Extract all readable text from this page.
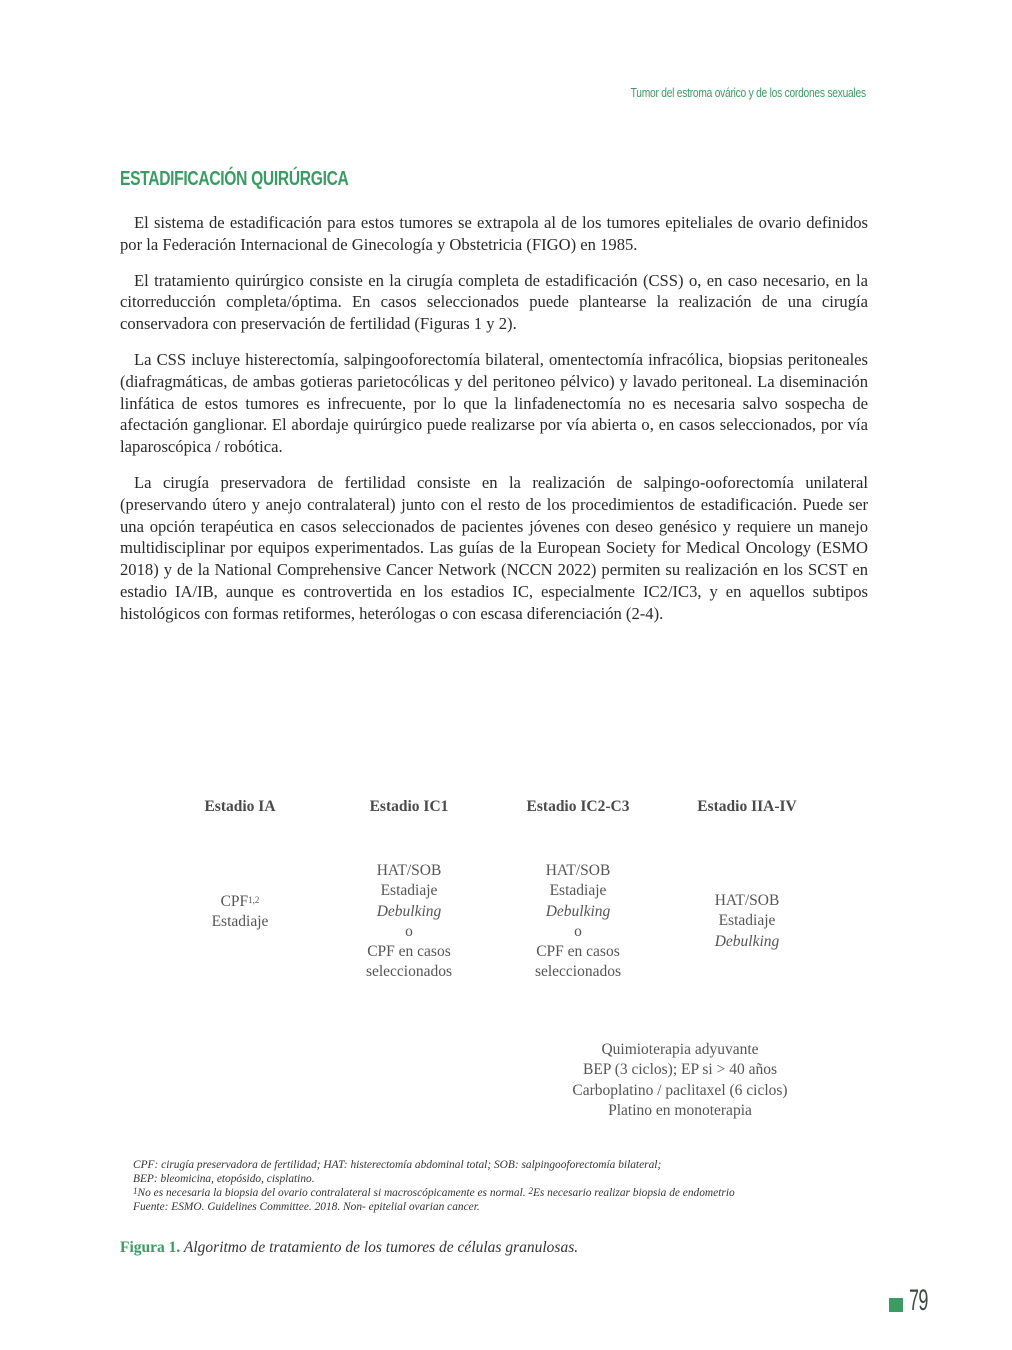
Tumor del estroma ovárico y de los cordones sexuales
ESTADIFICACIÓN QUIRÚRGICA

El sistema de estadificación para estos tumores se extrapola al de los tumores epiteliales de ovario definidos por la Federación Internacional de Ginecología y Obstetricia (FIGO) en 1985.

El tratamiento quirúrgico consiste en la cirugía completa de estadificación (CSS) o, en caso necesario, en la citorreducción completa/óptima. En casos seleccionados puede plantearse la realización de una cirugía conservadora con preservación de fertilidad (Figuras 1 y 2).

La CSS incluye histerectomía, salpingooforectomía bilateral, omentectomía infracólica, biopsias peritoneales (diafragmáticas, de ambas gotieras parietocólicas y del peritoneo pélvico) y lavado peritoneal. La diseminación linfática de estos tumores es infrecuente, por lo que la linfadenectomía no es necesaria salvo sospecha de afectación ganglionar. El abordaje quirúrgico puede realizarse por vía abierta o, en casos seleccionados, por vía laparoscópica / robótica.

La cirugía preservadora de fertilidad consiste en la realización de salpingo-ooforectomía unilateral (preservando útero y anejo contralateral) junto con el resto de los procedimientos de estadificación. Puede ser una opción terapéutica en casos seleccionados de pacientes jóvenes con deseo genésico y requiere un manejo multidisciplinar por equipos experimentados. Las guías de la European Society for Medical Oncology (ESMO 2018) y de la National Comprehensive Cancer Network (NCCN 2022) permiten su realización en los SCST en estadio IA/IB, aunque es controvertida en los estadios IC, especialmente IC2/IC3, y en aquellos subtipos histológicos con formas retiformes, heterólogas o con escasa diferenciación (2-4).

Estadio IA

CPF$^{1,2}$
Estadiaje

Estadio IC1

HAT/SOB
Estadiaje
Debulking
o
CPF en casos
seleccionados

Estadio IC2-C3

HAT/SOB
Estadiaje
Debulking
o
CPF en casos
seleccionados

Estadio IIA-IV

HAT/SOB
Estadiaje
Debulking
Quimioterapia adyuvante
BEP (3 ciclos); EP si > 40 años
Carboplatino / paclitaxel (6 ciclos)
Platino en monoterapia
CPF: cirugía preservadora de fertilidad; HAT: histerectomía abdominal total; SOB: salpingooforectomía bilateral;
BEP: bleomicina, etopósido, cisplatino.
$^1$No es necesaria la biopsia del ovario contralateral si macroscópicamente es normal. $^2$Es necesario realizar biopsia de endometrio
Fuente: ESMO. Guidelines Committee. 2018. Non- epitelial ovarian cancer.
Figura 1. Algoritmo de tratamiento de los tumores de células granulosas.
79
